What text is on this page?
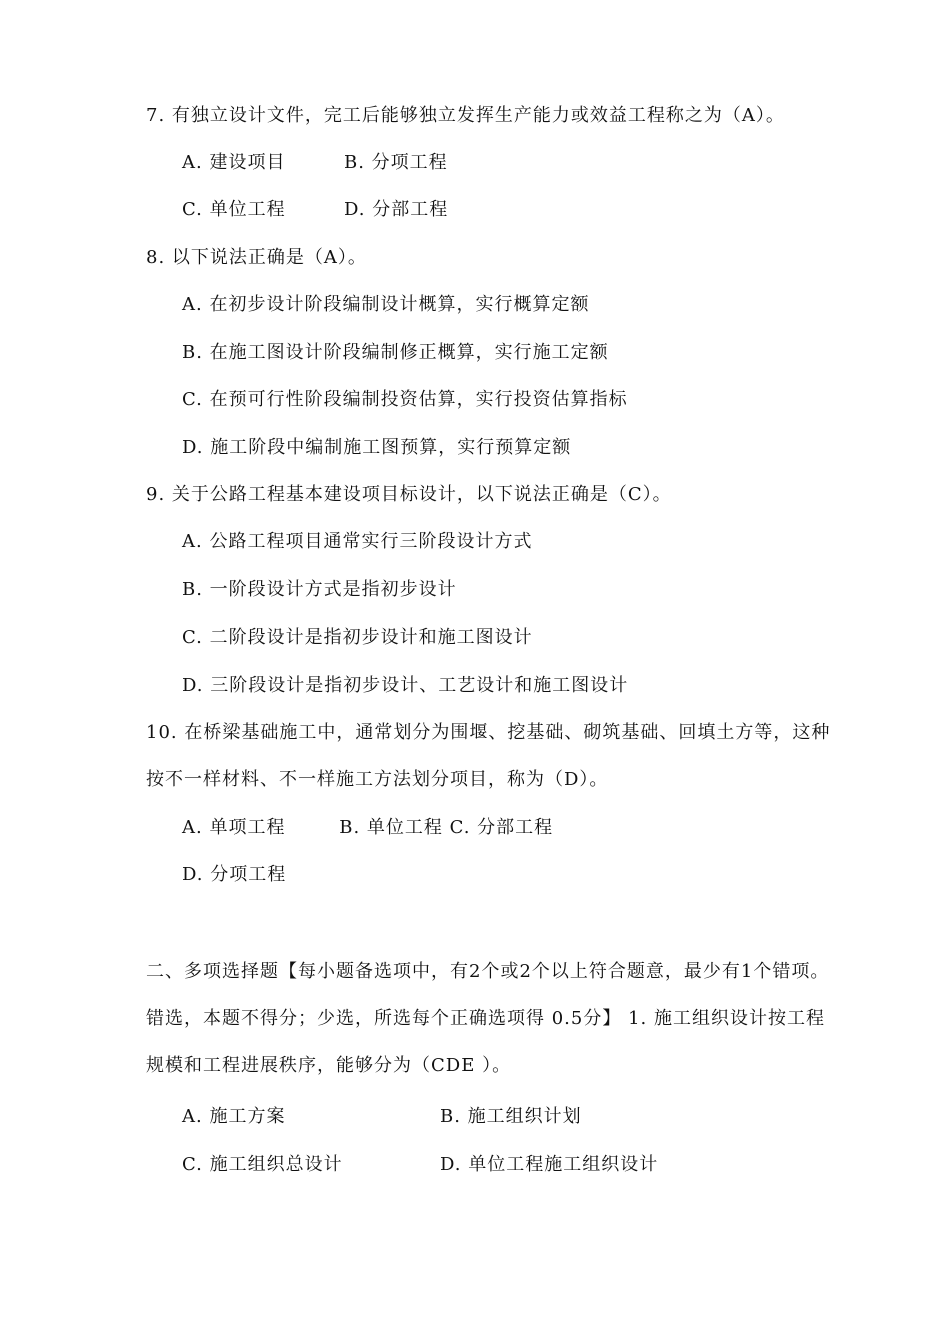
7. 有独立设计文件，完工后能够独立发挥生产能力或效益工程称之为（A）。
A. 建设项目	B. 分项工程
C. 单位工程	D. 分部工程
8. 以下说法正确是（A）。
A. 在初步设计阶段编制设计概算，实行概算定额
B. 在施工图设计阶段编制修正概算，实行施工定额
C. 在预可行性阶段编制投资估算，实行投资估算指标
D. 施工阶段中编制施工图预算，实行预算定额
9. 关于公路工程基本建设项目标设计，以下说法正确是（C）。
A. 公路工程项目通常实行三阶段设计方式
B. 一阶段设计方式是指初步设计
C. 二阶段设计是指初步设计和施工图设计
D. 三阶段设计是指初步设计、工艺设计和施工图设计
10. 在桥梁基础施工中，通常划分为围堰、挖基础、砌筑基础、回填土方等，这种
按不一样材料、不一样施工方法划分项目，称为（D）。
A. 单项工程        B. 单位工程 C. 分部工程
D. 分项工程
二、多项选择题【每小题备选项中，有2个或2个以上符合题意，最少有1个错项。
错选，本题不得分；少选，所选每个正确选项得 0.5分】 1. 施工组织设计按工程
规模和工程进展秩序，能够分为（CDE ）。
A. 施工方案	B. 施工组织计划
C. 施工组织总设计	D. 单位工程施工组织设计
